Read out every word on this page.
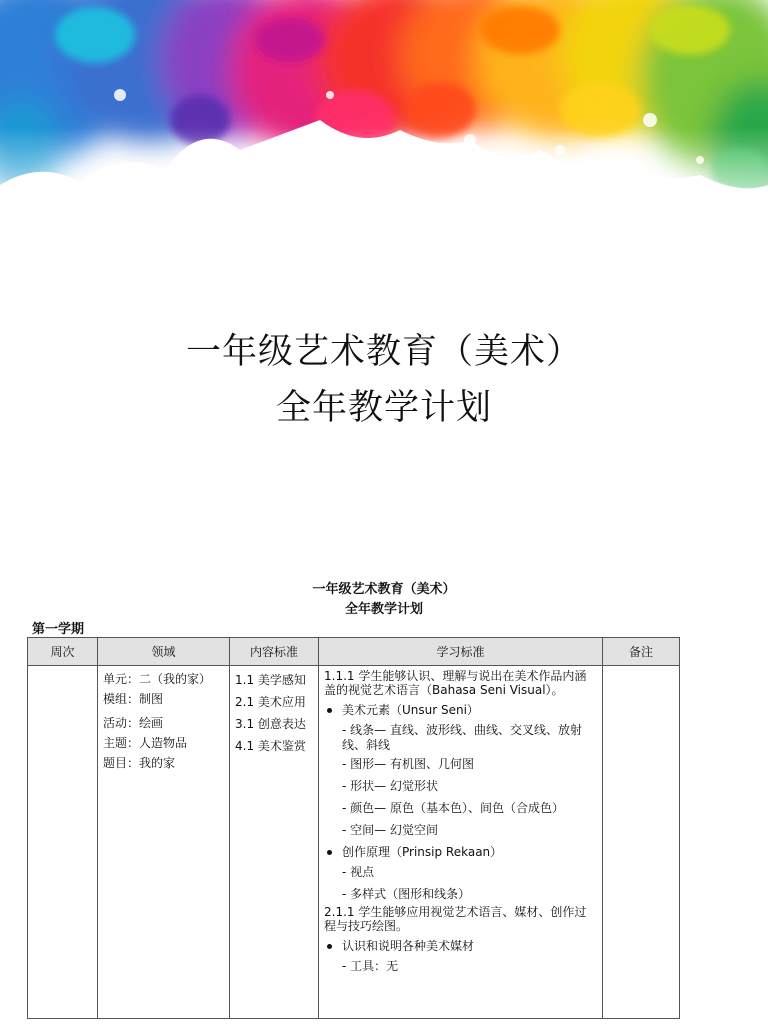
一年级艺术教育（美术）
全年教学计划
一年级艺术教育（美术）
全年教学计划
第一学期
周次	领域
单元：二（我的家）
模组：制图
活动：绘画
主题：人造物品
题目：我的家
内容标准
1.1 美学感知
2.1 美术应用
3.1 创意表达
4.1 美术鉴赏
学习标准
1.1.1 学生能够认识、理解与说出在美术作品内涵盖的视觉艺术语言（Bahasa Seni Visual）。
美术元素（Unsur Seni）
- 线条— 直线、波形线、曲线、交叉线、放射线、斜线
- 图形— 有机图、几何图
- 形状— 幻觉形状
- 颜色— 原色（基本色）、间色（合成色）
- 空间— 幻觉空间
创作原理（Prinsip Rekaan）
- 视点
- 多样式（图形和线条）
2.1.1 学生能够应用视觉艺术语言、媒材、创作过程与技巧绘图。
认识和说明各种美术媒材
- 工具：无
备注
